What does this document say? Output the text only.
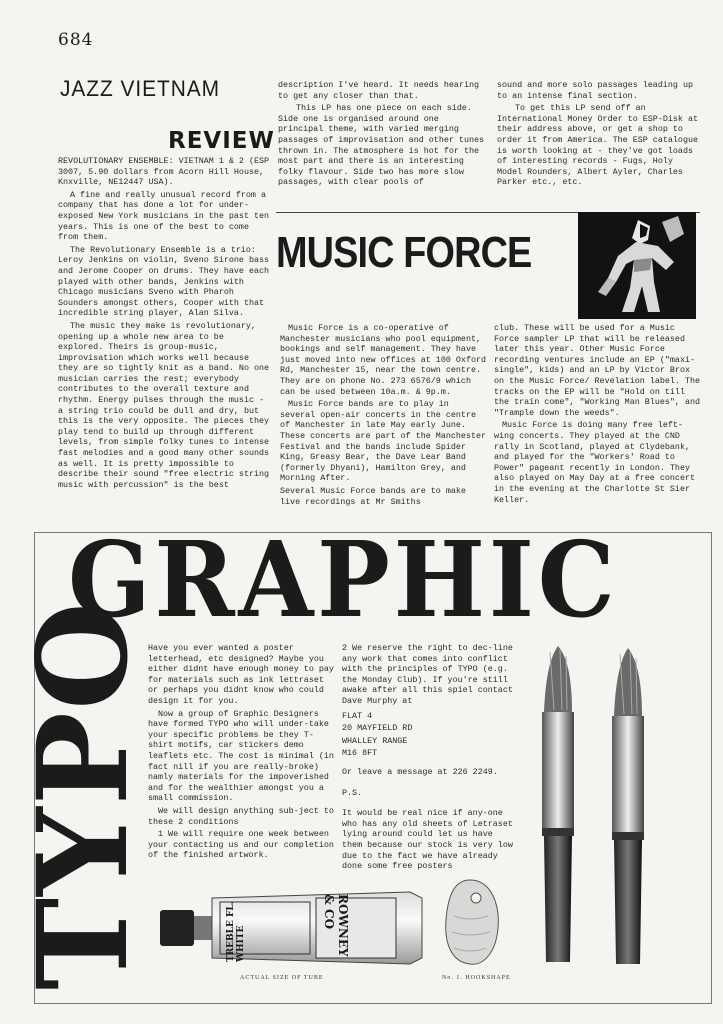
684
JAZZ VIETNAM
REVIEW

REVOLUTIONARY ENSEMBLE: VIETNAM 1 & 2 (ESP 3007, 5.90 dollars from Acorn Hill House, Knxville, NE12447 USA).

A fine and really unusual record from a company that has done a lot for under-exposed New York musicians in the past ten years. This is one of the best to come from them.

The Revolutionary Ensemble is a trio: Leroy Jenkins on violin, Sveno Sirone bass and Jerome Cooper on drums. They have each played with other bands, Jenkins with Chicago musicians Sveno with Pharoh Sounders amongst others, Cooper with that incredible string player, Alan Silva.

The music they make is revolutionary, opening up a whole new area to be explored. Theirs is group-music, improvisation which works well because they are so tightly knit as a band. No one musician carries the rest; everybody contributes to the overall texture and rhythm. Energy pulses through the music - a string trio could be dull and dry, but this is the very opposite. The pieces they play tend to build up through different levels, from simple folky tunes to intense fast melodies and a good many other sounds as well. It is pretty impossible to describe their sound "free electric string music with percussion" is the best

description I've heard. It needs hearing to get any closer than that.

This LP has one piece on each side. Side one is organised around one principal theme, with varied merging passages of improvisation and other tunes thrown in. The atmosphere is hot for the most part and there is an interesting folky flavour. Side two has more slow passages, with clear pools of

sound and more solo passages leading up to an intense final section.

To get this LP send off an International Money Order to ESP-Disk at their address above, or get a shop to order it from America. The ESP catalogue is worth looking at - they've got loads of interesting records - Fugs, Holy Model Rounders, Albert Ayler, Charles Parker etc., etc.

MUSIC FORCE

Music Force is a co-operative of Manchester musicians who pool equipment, bookings and self management. They have just moved into new offices at 100 Oxford Rd, Manchester 15, near the town centre. They are on phone No. 273 6576/9 which can be used between 10a.m. & 9p.m.

Music Force bands are to play in several open-air concerts in the centre of Manchester in late May early June. These concerts are part of the Manchester Festival and the bands include Spider King, Greasy Bear, the Dave Lear Band (formerly Dhyani), Hamilton Grey, and Morning After.

Several Music Force bands are to make live recordings at Mr Smiths

club. These will be used for a Music Force sampler LP that will be released later this year. Other Music Force recording ventures include an EP ("maxi-single", kids) and an LP by Victor Brox on the Music Force/ Revelation label. The tracks on the EP will be "Hold on till the train come", "Working Man Blues", and "Trample down the weeds".

Music Force is doing many free left-wing concerts. They played at the CND rally in Scotland, played at Clydebank, and played for the "Workers' Road to Power" pageant recently in London. They also played on May Day at a free concert in the evening at the Charlotte St Sier Keller.

GRAPHIC
TYPO

Have you ever wanted a poster letterhead, etc designed? Maybe you either didnt have enough money to pay for materials such as ink lettraset or perhaps you didnt know who could design it for you.

Now a group of Graphic Designers have formed TYPO who will under-take your specific problems be they T-shirt motifs, car stickers demo leaflets etc. The cost is minimal (in fact nill if you are really-broke) namly materials for the impoverished and for the wealthier amongst you a small commission.

We will design anything sub-ject to these 2 conditions

1 We will require one week between your contacting us and our completion of the finished artwork.

2 We reserve the right to dec-line any work that comes into conflict with the principles of TYPO (e.g. the Monday Club). If you're still awake after all this spiel contact Dave Murphy at

FLAT 4

20 MAYFIELD RD

WHALLEY RANGE

M16 8FT

Or leave a message at 226 2249.

P.S.

It would be real nice if any-one who has any old sheets of Letraset lying around could let us have them because our stock is very low due to the fact we have already done some free posters

TREBLE FL. WHITE	ROWNEY & CO
ACTUAL SIZE OF TUBE	No. 1. HOOKSHAPE
